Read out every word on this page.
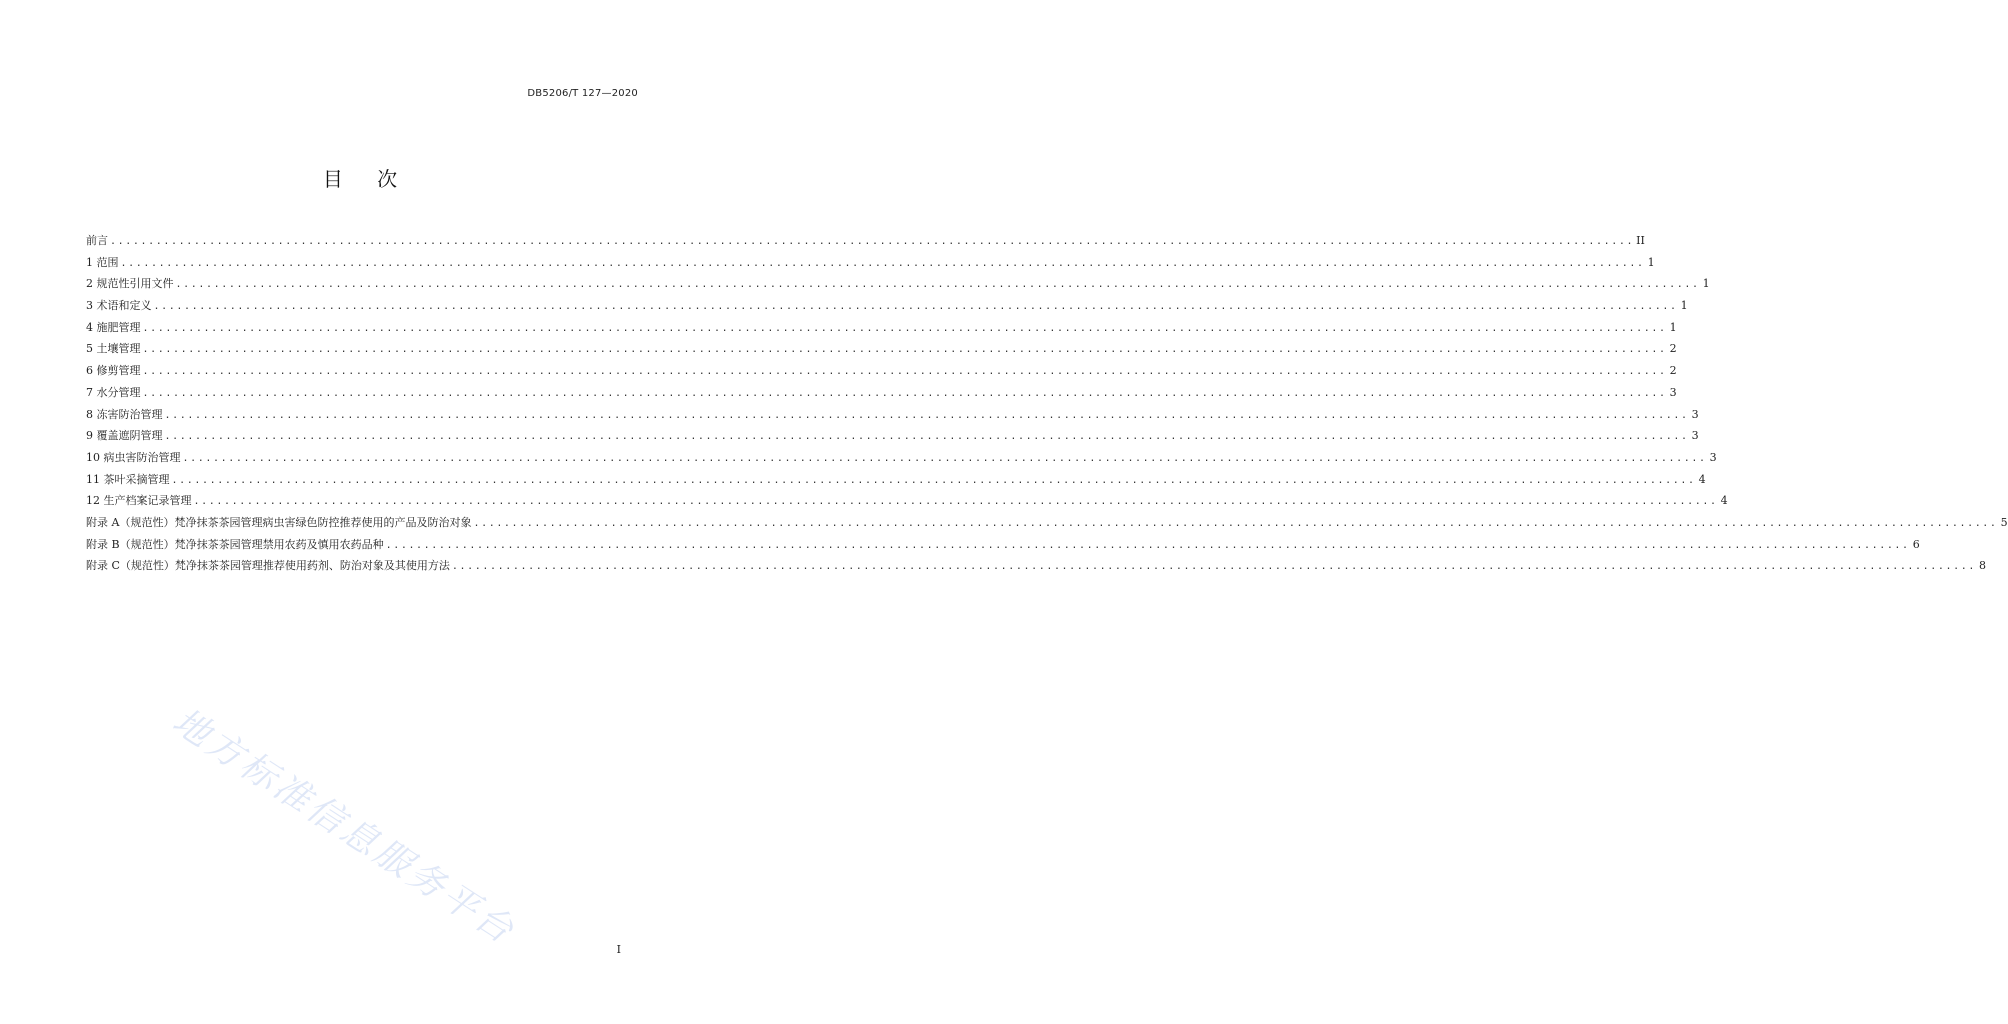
DB5206/T 127—2020
目 次
前言 ........................................................................................................................................................................................................ II
1 范围 ........................................................................................................................................................................................................ 1
2 规范性引用文件 ........................................................................................................................................................................................................ 1
3 术语和定义 ........................................................................................................................................................................................................ 1
4 施肥管理 ........................................................................................................................................................................................................ 1
5 土壤管理 ........................................................................................................................................................................................................ 2
6 修剪管理 ........................................................................................................................................................................................................ 2
7 水分管理 ........................................................................................................................................................................................................ 3
8 冻害防治管理 ........................................................................................................................................................................................................ 3
9 覆盖遮阴管理 ........................................................................................................................................................................................................ 3
10 病虫害防治管理 ........................................................................................................................................................................................................ 3
11 茶叶采摘管理 ........................................................................................................................................................................................................ 4
12 生产档案记录管理 ........................................................................................................................................................................................................ 4
附录 A（规范性）梵净抹茶茶园管理病虫害绿色防控推荐使用的产品及防治对象 ........................................................................................................................................................................................................ 5
附录 B（规范性）梵净抹茶茶园管理禁用农药及慎用农药品种 ........................................................................................................................................................................................................ 6
附录 C（规范性）梵净抹茶茶园管理推荐使用药剂、防治对象及其使用方法 ........................................................................................................................................................................................................ 8
地方标准信息服务平台	I
